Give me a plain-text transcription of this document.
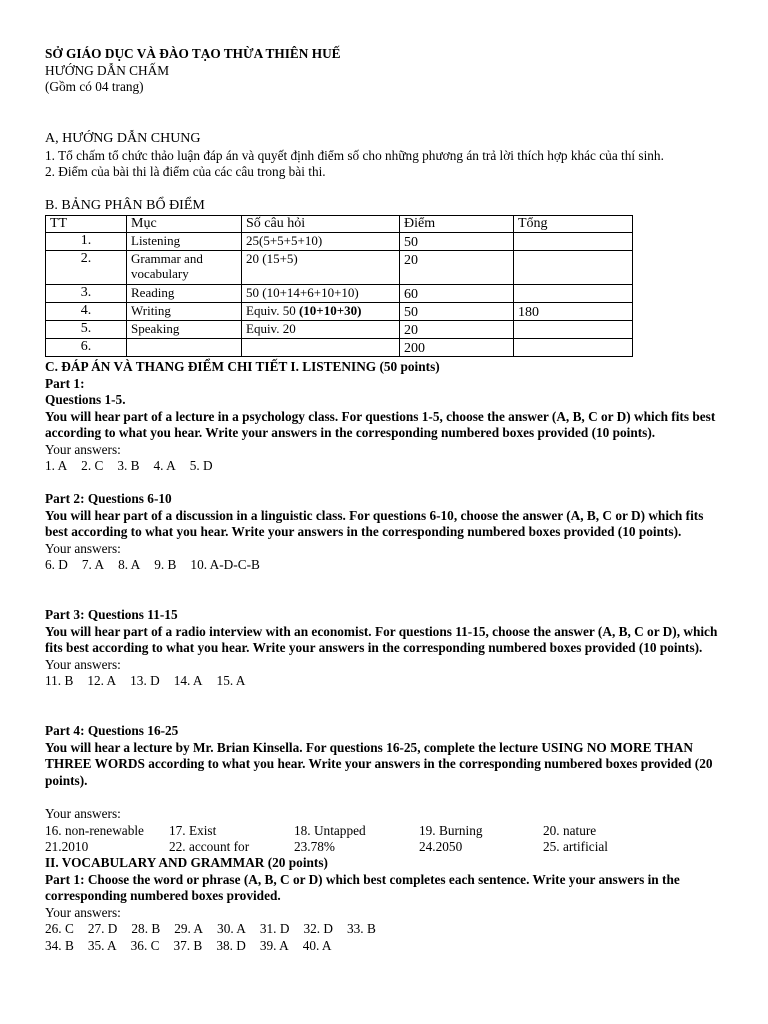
SỞ GIÁO DỤC VÀ ĐÀO TẠO THỪA THIÊN HUẾ

HƯỚNG DẪN CHẤM

(Gồm có 04 trang)

A, HƯỚNG DẪN CHUNG

1. Tổ chấm tổ chức thảo luận đáp án và quyết định điểm số cho những phương án trả lời thích hợp khác của thí sinh.

2. Điểm của bài thi là điểm của các câu trong bài thi.

B. BẢNG PHÂN BỔ ĐIỂM

TT	Mục	Số câu hỏi	Điểm	Tổng
1.	Listening	25(5+5+5+10)	50	
2.	Grammar and vocabulary	20 (15+5)	20	
3.	Reading	50 (10+14+6+10+10)	60	
4.	Writing	Equiv. 50 (10+10+30)	50	180
5.	Speaking	Equiv. 20	20	
6.			200	

C. ĐÁP ÁN VÀ THANG ĐIỂM CHI TIẾT I. LISTENING (50 points)

Part 1:

Questions 1-5.

You will hear part of a lecture in a psychology class. For questions 1-5, choose the answer (A, B, C or D) which fits best according to what you hear. Write your answers in the corresponding numbered boxes provided (10 points).

Your answers:

1. A 2. C 3. B 4. A 5. D

Part 2: Questions 6-10

You will hear part of a discussion in a linguistic class. For questions 6-10, choose the answer (A, B, C or D) which fits best according to what you hear. Write your answers in the corresponding numbered boxes provided (10 points).

Your answers:

6. D 7. A 8. A 9. B 10. A-D-C-B

Part 3: Questions 11-15

You will hear part of a radio interview with an economist. For questions 11-15, choose the answer (A, B, C or D), which fits best according to what you hear. Write your answers in the corresponding numbered boxes provided (10 points).

Your answers:

11. B 12. A 13. D 14. A 15. A

Part 4: Questions 16-25

You will hear a lecture by Mr. Brian Kinsella. For questions 16-25, complete the lecture USING NO MORE THAN THREE WORDS according to what you hear. Write your answers in the corresponding numbered boxes provided (20 points).

Your answers:

16. non-renewable	17. Exist	18. Untapped	19. Burning	20. nature
21.2010	22. account for	23.78%	24.2050	25. artificial

II. VOCABULARY AND GRAMMAR (20 points)

Part 1: Choose the word or phrase (A, B, C or D) which best completes each sentence. Write your answers in the corresponding numbered boxes provided.

Your answers:

26. C 27. D 28. B 29. A 30. A 31. D 32. D 33. B

34. B 35. A 36. C 37. B 38. D 39. A 40. A
